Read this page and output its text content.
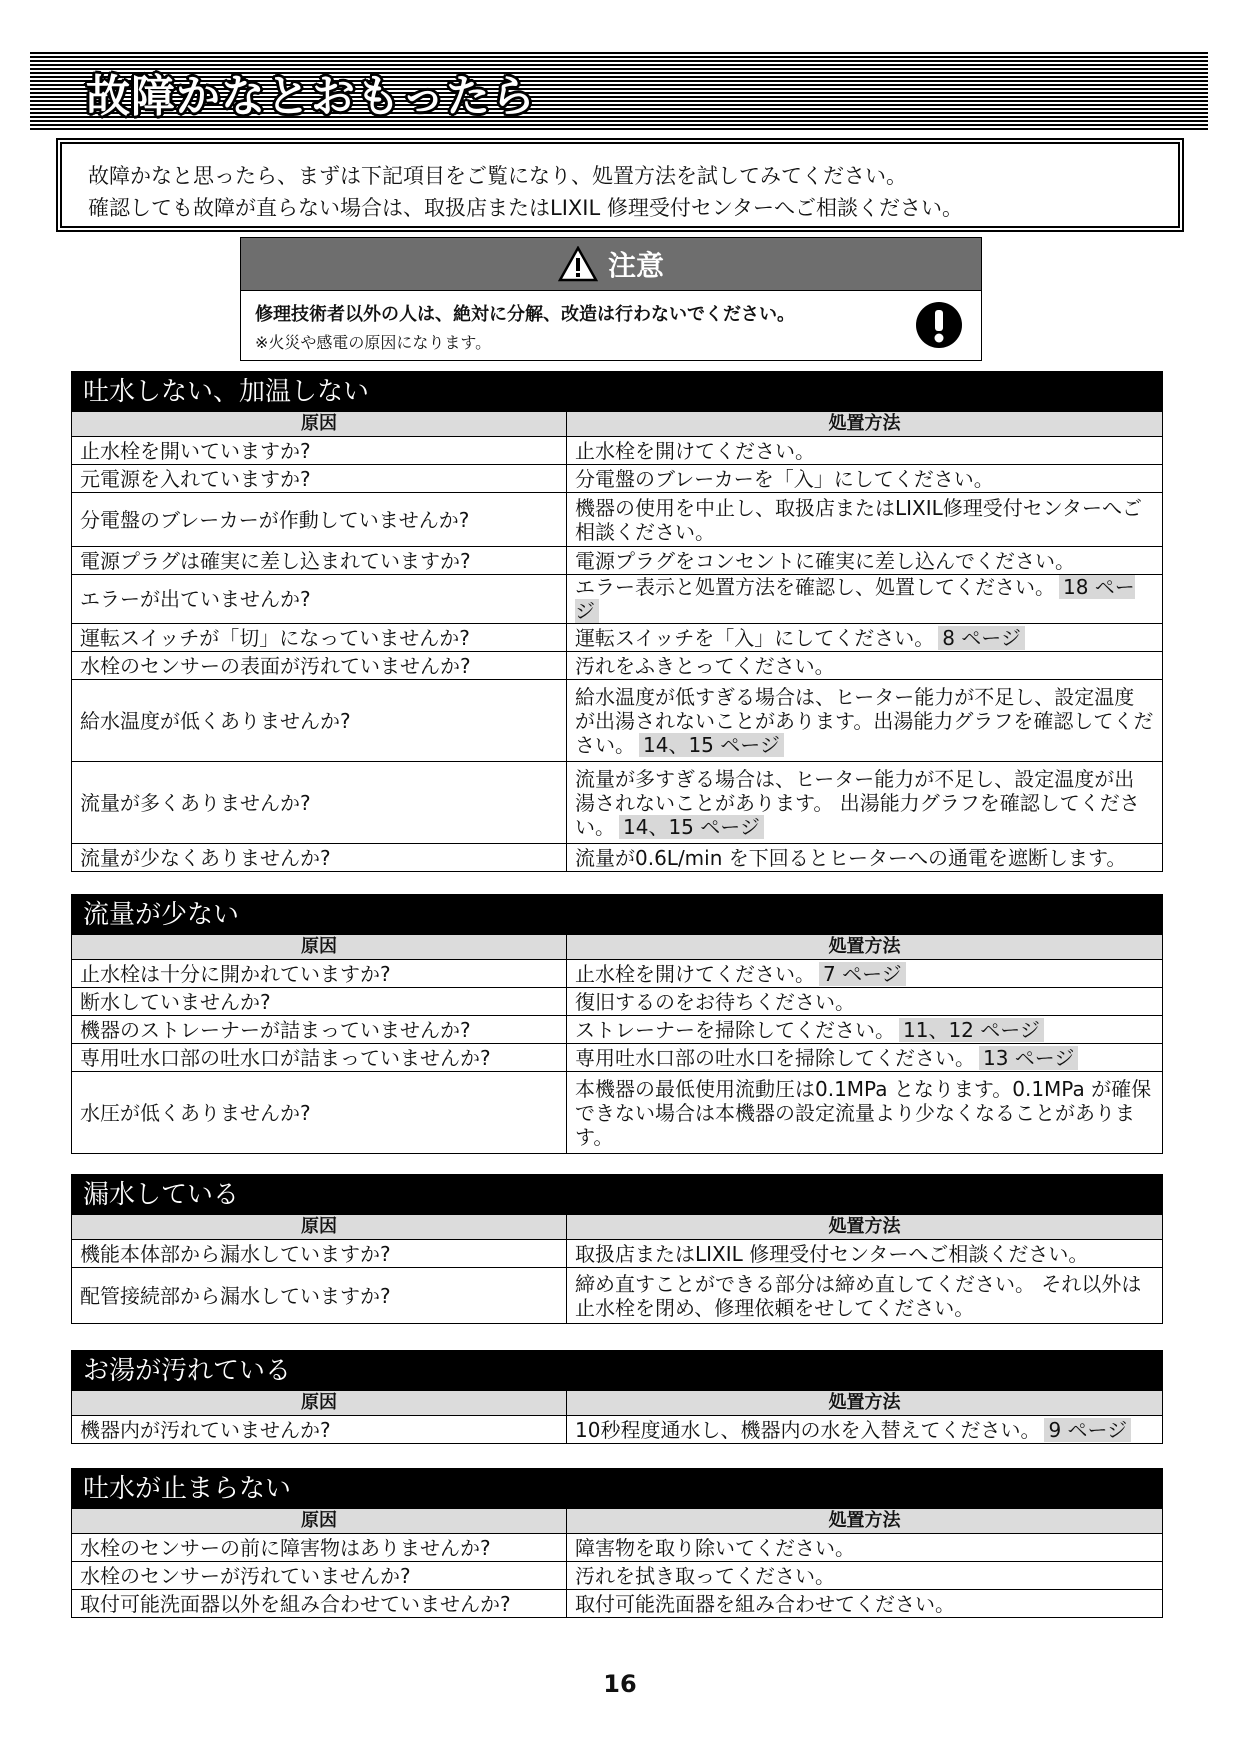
故障かなとおもったら
故障かなと思ったら、まずは下記項目をご覧になり、処置方法を試してみてください。
確認しても故障が直らない場合は、取扱店またはLIXIL 修理受付センターへご相談ください。
注意
修理技術者以外の人は、絶対に分解、改造は行わないでください。
※火災や感電の原因になります。
吐水しない、加温しない
原因	処置方法
止水栓を開いていますか?	止水栓を開けてください。
元電源を入れていますか?	分電盤のブレーカーを「入」にしてください。
分電盤のブレーカーが作動していませんか?	機器の使用を中止し、取扱店またはLIXIL修理受付センターへご相談ください。
電源プラグは確実に差し込まれていますか?	電源プラグをコンセントに確実に差し込んでください。
エラーが出ていませんか?	エラー表示と処置方法を確認し、処置してください。 18 ページ
運転スイッチが「切」になっていませんか?	運転スイッチを「入」にしてください。 8 ページ
水栓のセンサーの表面が汚れていませんか?	汚れをふきとってください。
給水温度が低くありませんか?	給水温度が低すぎる場合は、ヒーター能力が不足し、設定温度が出湯されないことがあります。出湯能力グラフを確認してください。 14、15 ページ
流量が多くありませんか?	流量が多すぎる場合は、ヒーター能力が不足し、設定温度が出湯されないことがあります。 出湯能力グラフを確認してください。 14、15 ページ
流量が少なくありませんか?	流量が0.6L/min を下回るとヒーターへの通電を遮断します。
流量が少ない
原因	処置方法
止水栓は十分に開かれていますか?	止水栓を開けてください。 7 ページ
断水していませんか?	復旧するのをお待ちください。
機器のストレーナーが詰まっていませんか?	ストレーナーを掃除してください。 11、12 ページ
専用吐水口部の吐水口が詰まっていませんか?	専用吐水口部の吐水口を掃除してください。 13 ページ
水圧が低くありませんか?	本機器の最低使用流動圧は0.1MPa となります。0.1MPa が確保できない場合は本機器の設定流量より少なくなることがあります。
漏水している
原因	処置方法
機能本体部から漏水していますか?	取扱店またはLIXIL 修理受付センターへご相談ください。
配管接続部から漏水していますか?	締め直すことができる部分は締め直してください。 それ以外は止水栓を閉め、修理依頼をせしてください。
お湯が汚れている
原因	処置方法
機器内が汚れていませんか?	10秒程度通水し、機器内の水を入替えてください。 9 ページ
吐水が止まらない
原因	処置方法
水栓のセンサーの前に障害物はありませんか?	障害物を取り除いてください。
水栓のセンサーが汚れていませんか?	汚れを拭き取ってください。
取付可能洗面器以外を組み合わせていませんか?	取付可能洗面器を組み合わせてください。
16
